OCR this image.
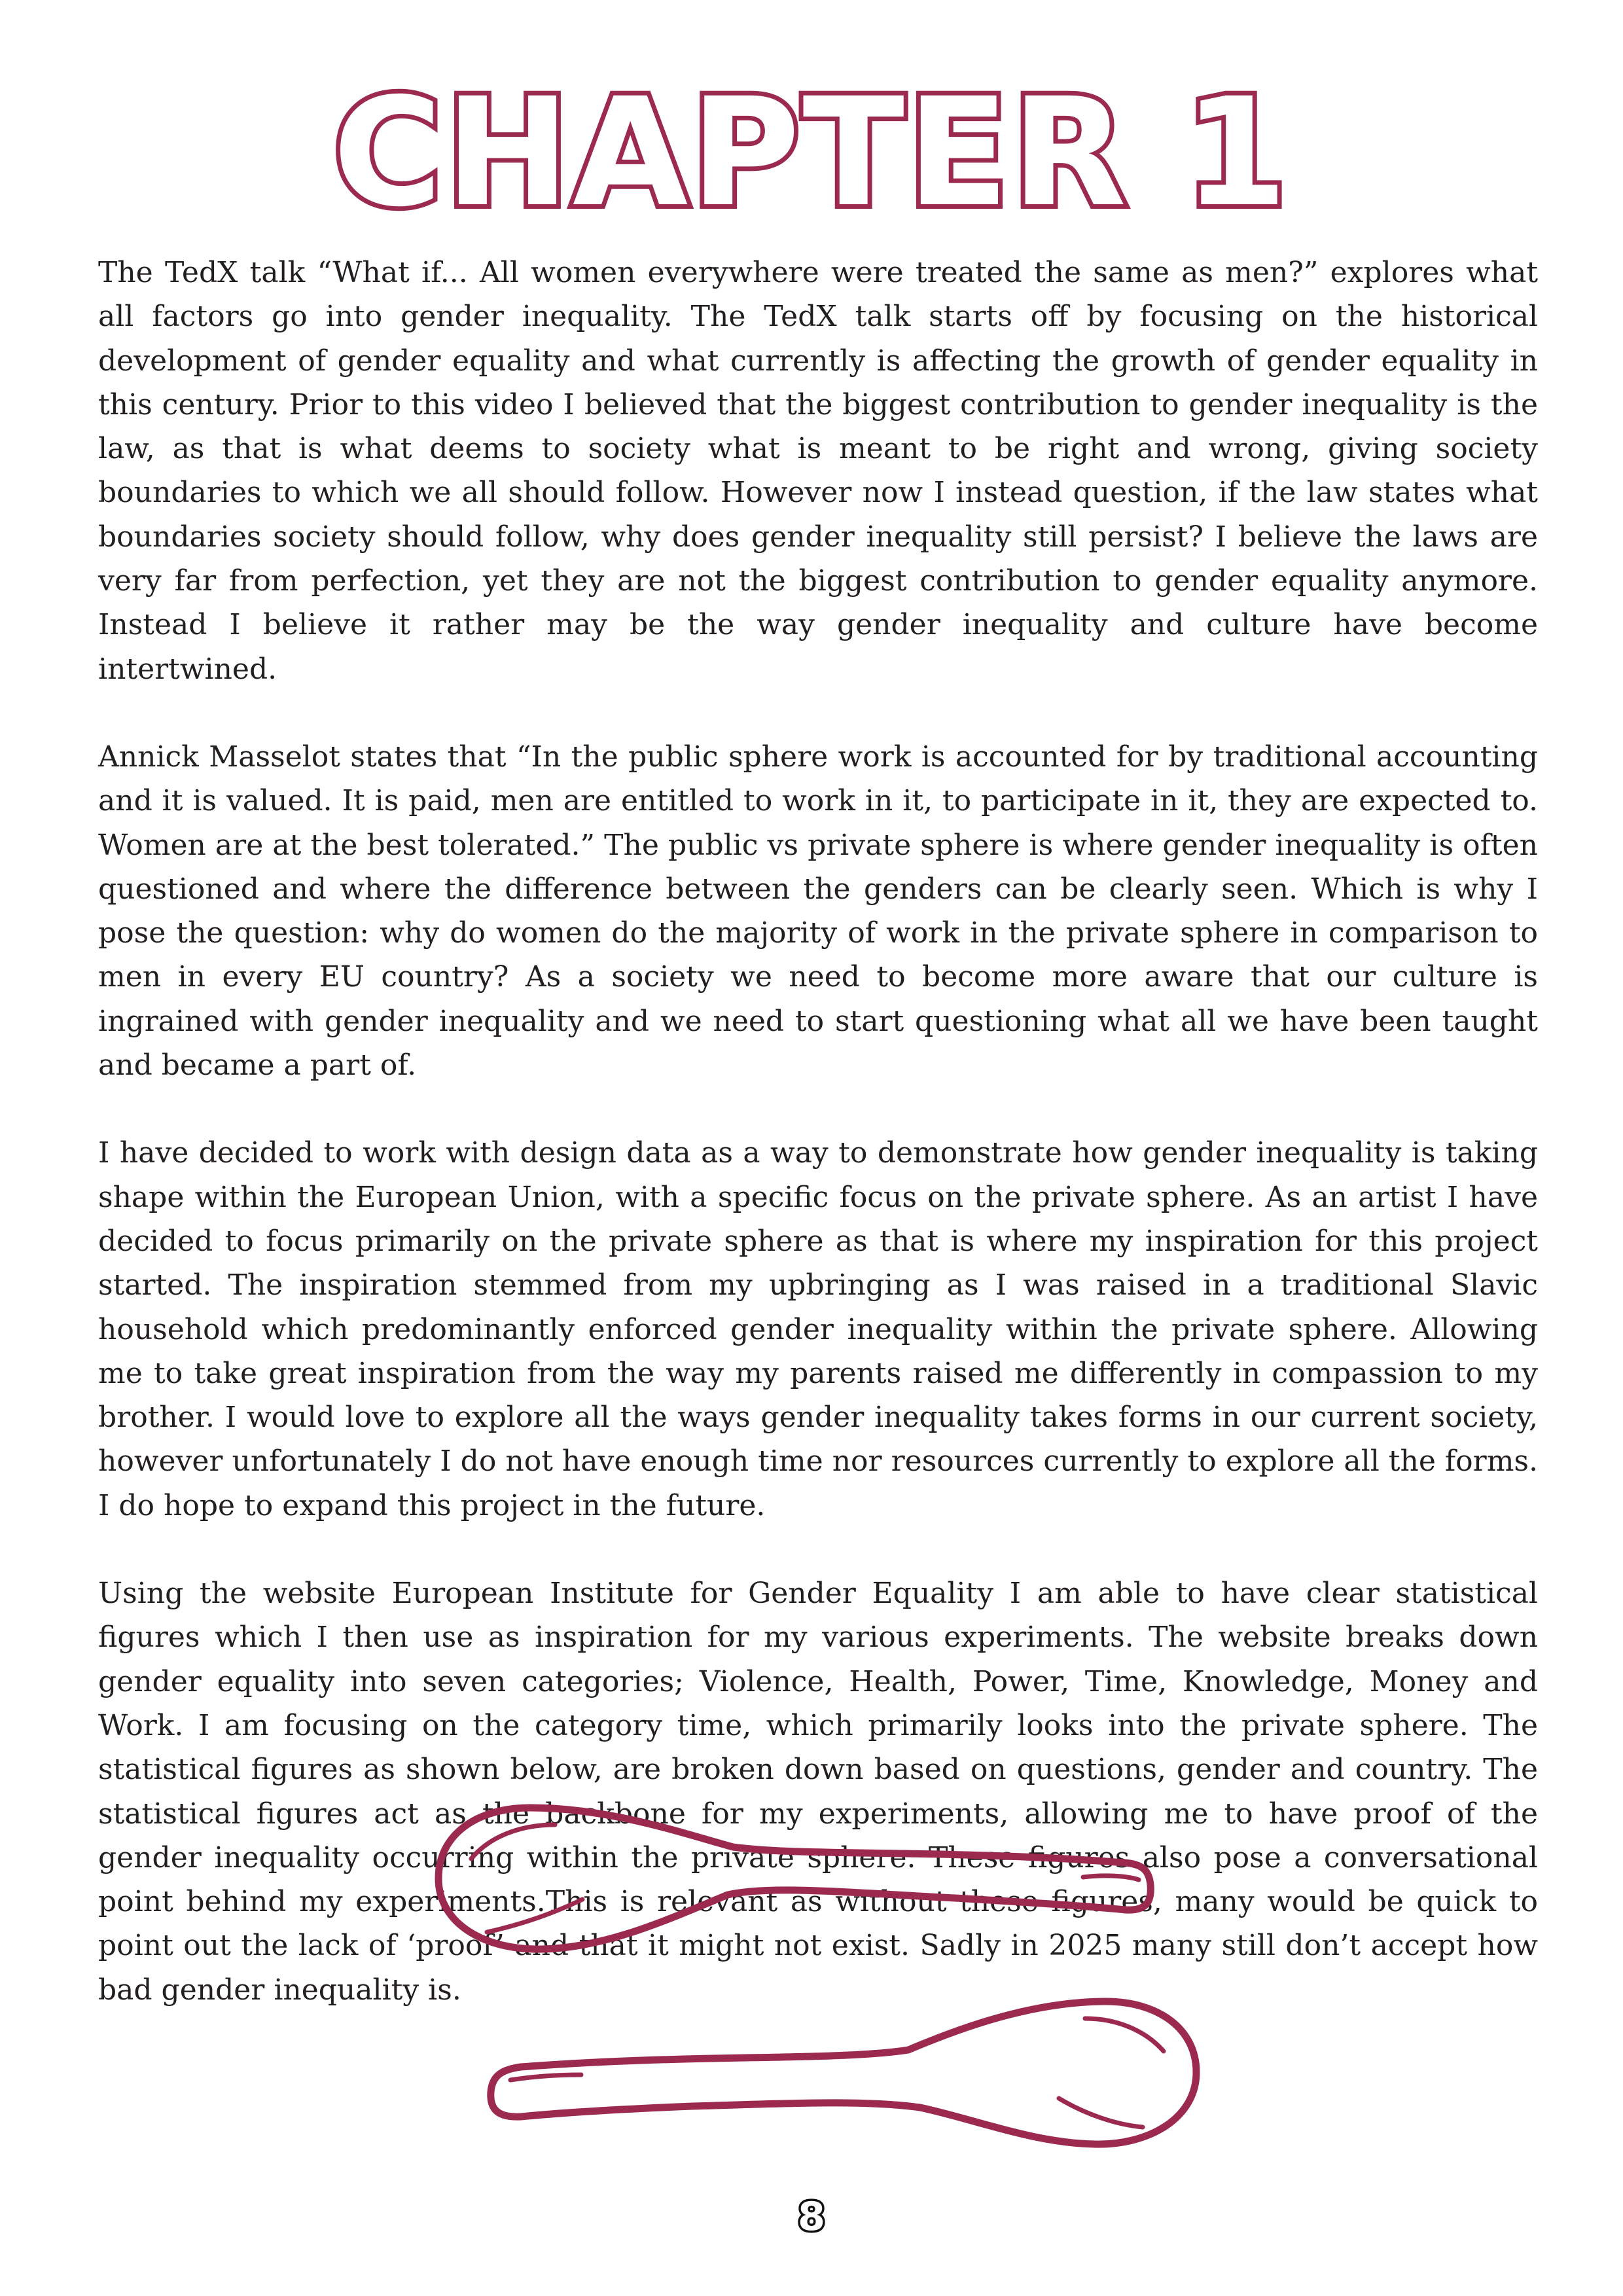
CHAPTER 1

The TedX talk “What if... All women everywhere were treated the same as men?” explores what all factors go into gender inequality. The TedX talk starts off by focusing on the historical development of gender equality and what currently is affecting the growth of gender equality in this century. Prior to this video I believed that the biggest contribution to gender inequality is the law, as that is what deems to society what is meant to be right and wrong, giving society boundaries to which we all should follow. However now I instead question, if the law states what boundaries society should follow, why does gender inequality still persist? I believe the laws are very far from perfection, yet they are not the biggest contribution to gender equality anymore. Instead I believe it rather may be the way gender inequality and culture have become intertwined.

Annick Masselot states that “In the public sphere work is accounted for by traditional accounting and it is valued. It is paid, men are entitled to work in it, to participate in it, they are expected to. Women are at the best tolerated.” The public vs private sphere is where gender inequality is often questioned and where the difference between the genders can be clearly seen. Which is why I pose the question: why do women do the majority of work in the private sphere in comparison to men in every EU country? As a society we need to become more aware that our culture is ingrained with gender inequality and we need to start questioning what all we have been taught and became a part of.

I have decided to work with design data as a way to demonstrate how gender inequality is taking shape within the European Union, with a specific focus on the private sphere. As an artist I have decided to focus primarily on the private sphere as that is where my inspiration for this project started. The inspiration stemmed from my upbringing as I was raised in a traditional Slavic household which predominantly enforced gender inequality within the private sphere. Allowing me to take great inspiration from the way my parents raised me differently in compassion to my brother. I would love to explore all the ways gender inequality takes forms in our current society, however unfortunately I do not have enough time nor resources currently to explore all the forms. I do hope to expand this project in the future.

Using the website European Institute for Gender Equality I am able to have clear statistical figures which I then use as inspiration for my various experiments. The website breaks down gender equality into seven categories; Violence, Health, Power, Time, Knowledge, Money and Work. I am focusing on the category time, which primarily looks into the private sphere. The statistical figures as shown below, are broken down based on questions, gender and country. The statistical figures act as the backbone for my experiments, allowing me to have proof of the gender inequality occurring within the private sphere. These figures also pose a conversational point behind my experiments.This is relevant as without these figures, many would be quick to point out the lack of ‘proof’ and that it might not exist. Sadly in 2025 many still don’t accept how bad gender inequality is.

8
